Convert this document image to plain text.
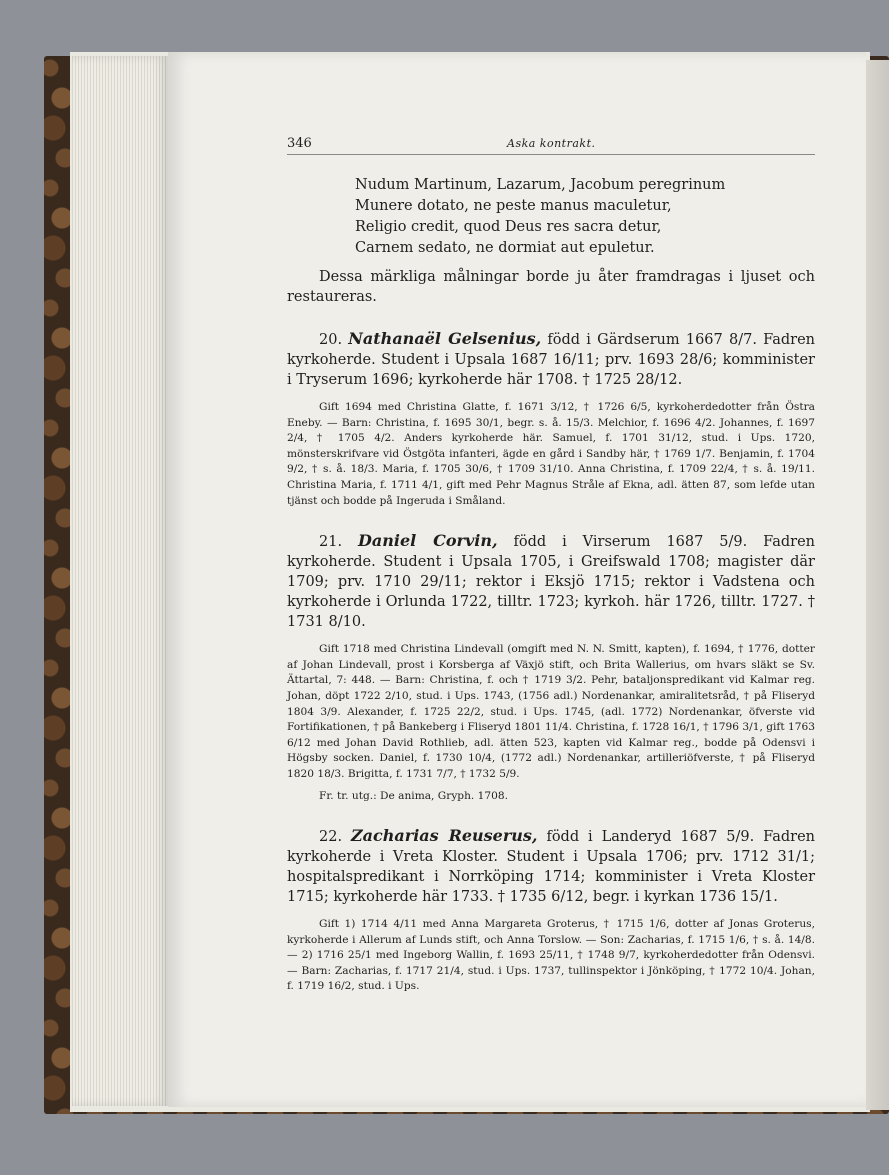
346	Aska kontrakt.
Nudum Martinum, Lazarum, Jacobum peregrinum
Munere dotato, ne peste manus maculetur,
Religio credit, quod Deus res sacra detur,
Carnem sedato, ne dormiat aut epuletur.

Dessa märkliga målningar borde ju åter framdragas i ljuset och restaureras.

20. Nathanaël Gelsenius, född i Gärdserum 1667 8/7. Fadren kyrkoherde. Student i Upsala 1687 16/11; prv. 1693 28/6; komminister i Tryserum 1696; kyrkoherde här 1708. † 1725 28/12.

Gift 1694 med Christina Glatte, f. 1671 3/12, † 1726 6/5, kyrkoherdedotter från Östra Eneby. — Barn: Christina, f. 1695 30/1, begr. s. å. 15/3. Melchior, f. 1696 4/2. Johannes, f. 1697 2/4, † 1705 4/2. Anders kyrkoherde här. Samuel, f. 1701 31/12, stud. i Ups. 1720, mönsterskrifvare vid Östgöta infanteri, ägde en gård i Sandby här, † 1769 1/7. Benjamin, f. 1704 9/2, † s. å. 18/3. Maria, f. 1705 30/6, † 1709 31/10. Anna Christina, f. 1709 22/4, † s. å. 19/11. Christina Maria, f. 1711 4/1, gift med Pehr Magnus Stråle af Ekna, adl. ätten 87, som lefde utan tjänst och bodde på Ingeruda i Småland.

21. Daniel Corvin, född i Virserum 1687 5/9. Fadren kyrkoherde. Student i Upsala 1705, i Greifswald 1708; magister där 1709; prv. 1710 29/11; rektor i Eksjö 1715; rektor i Vadstena och kyrkoherde i Orlunda 1722, tilltr. 1723; kyrkoh. här 1726, tilltr. 1727. † 1731 8/10.

Gift 1718 med Christina Lindevall (omgift med N. N. Smitt, kapten), f. 1694, † 1776, dotter af Johan Lindevall, prost i Korsberga af Växjö stift, och Brita Wallerius, om hvars släkt se Sv. Ättartal, 7: 448. — Barn: Christina, f. och † 1719 3/2. Pehr, bataljonspredikant vid Kalmar reg. Johan, döpt 1722 2/10, stud. i Ups. 1743, (1756 adl.) Nordenankar, amiralitetsråd, † på Fliseryd 1804 3/9. Alexander, f. 1725 22/2, stud. i Ups. 1745, (adl. 1772) Nordenankar, öfverste vid Fortifikationen, † på Bankeberg i Fliseryd 1801 11/4. Christina, f. 1728 16/1, † 1796 3/1, gift 1763 6/12 med Johan David Rothlieb, adl. ätten 523, kapten vid Kalmar reg., bodde på Odensvi i Högsby socken. Daniel, f. 1730 10/4, (1772 adl.) Nordenankar, artilleriöfverste, † på Fliseryd 1820 18/3. Brigitta, f. 1731 7/7, † 1732 5/9.

Fr. tr. utg.: De anima, Gryph. 1708.

22. Zacharias Reuserus, född i Landeryd 1687 5/9. Fadren kyrkoherde i Vreta Kloster. Student i Upsala 1706; prv. 1712 31/1; hospitalspredikant i Norrköping 1714; komminister i Vreta Kloster 1715; kyrkoherde här 1733. † 1735 6/12, begr. i kyrkan 1736 15/1.

Gift 1) 1714 4/11 med Anna Margareta Groterus, † 1715 1/6, dotter af Jonas Groterus, kyrkoherde i Allerum af Lunds stift, och Anna Torslow. — Son: Zacharias, f. 1715 1/6, † s. å. 14/8. — 2) 1716 25/1 med Ingeborg Wallin, f. 1693 25/11, † 1748 9/7, kyrkoherdedotter från Odensvi. — Barn: Zacharias, f. 1717 21/4, stud. i Ups. 1737, tullinspektor i Jönköping, † 1772 10/4. Johan, f. 1719 16/2, stud. i Ups.
